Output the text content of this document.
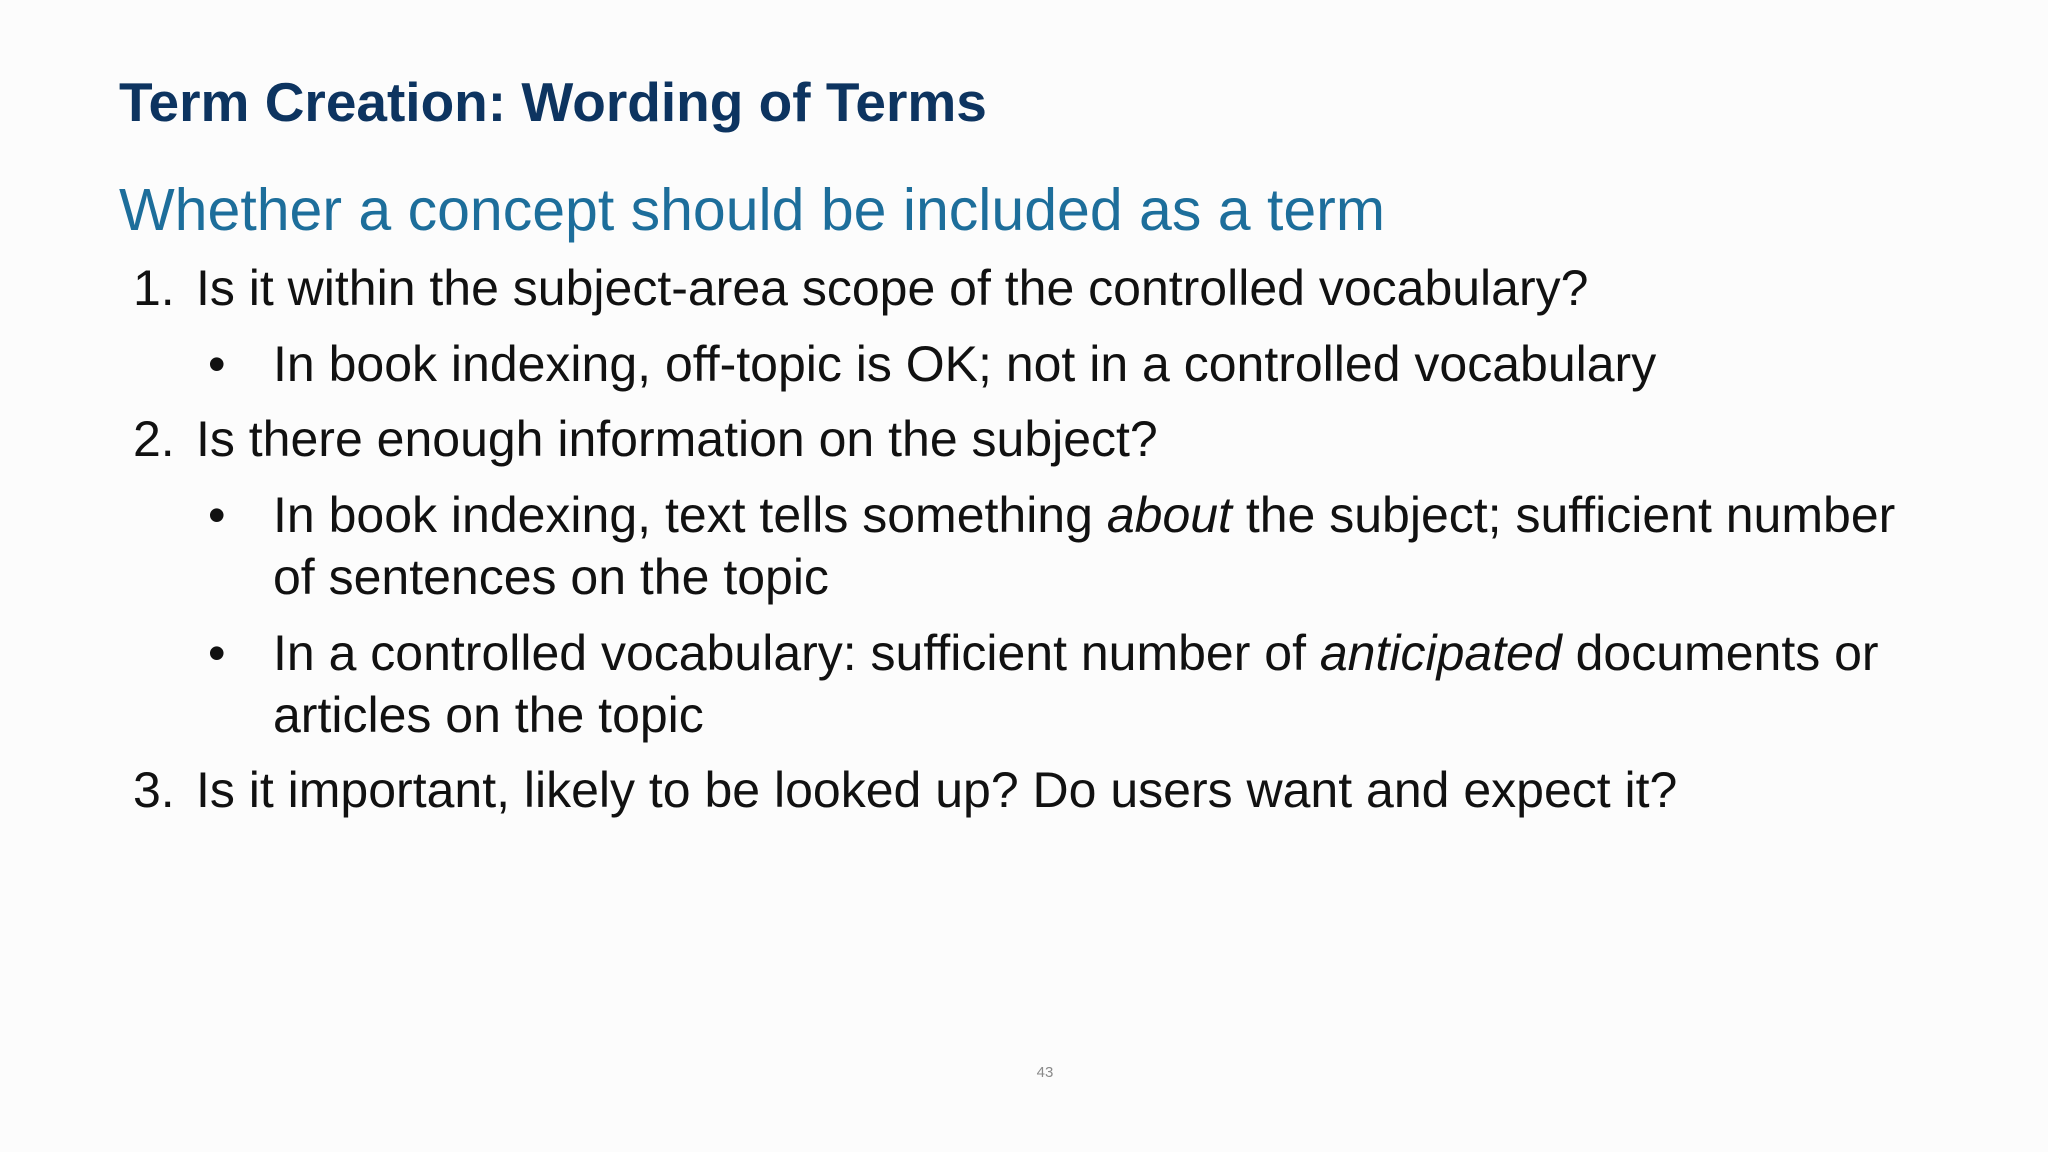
Term Creation: Wording of Terms
Whether a concept should be included as a term
1. Is it within the subject-area scope of the controlled vocabulary?
• In book indexing, off-topic is OK; not in a controlled vocabulary
2. Is there enough information on the subject?
• In book indexing, text tells something about the subject; sufficient number of sentences on the topic
• In a controlled vocabulary: sufficient number of anticipated documents or articles on the topic
3. Is it important, likely to be looked up? Do users want and expect it?
43
